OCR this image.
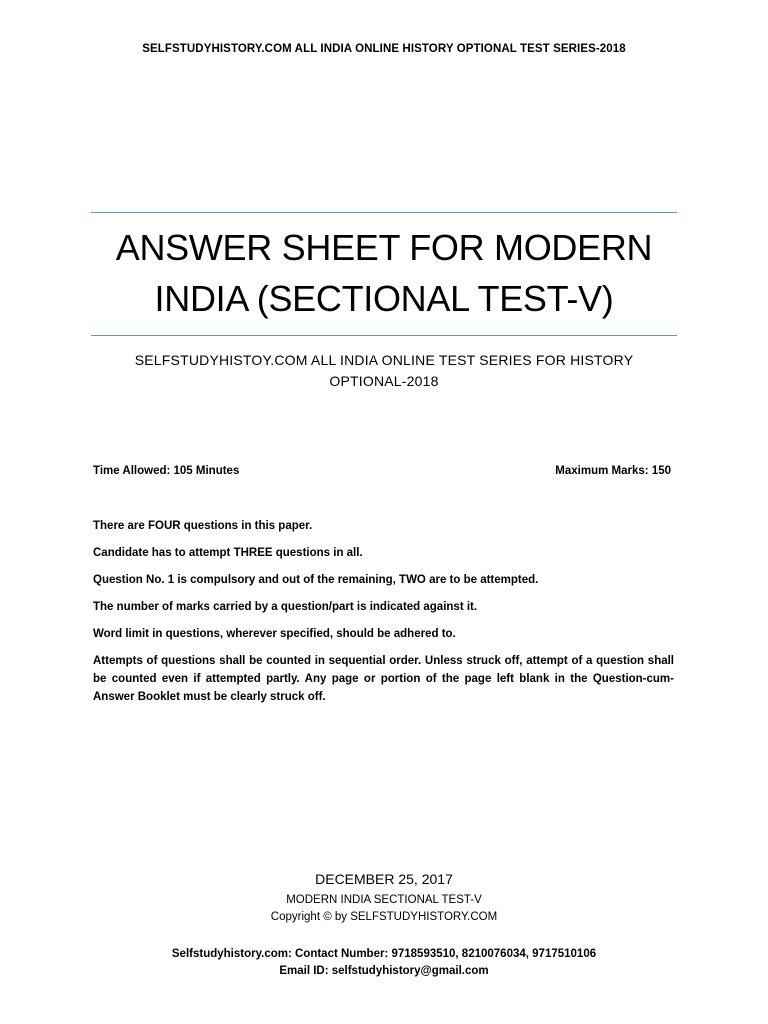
SELFSTUDYHISTORY.COM ALL INDIA ONLINE HISTORY OPTIONAL TEST SERIES-2018
ANSWER SHEET FOR MODERN
INDIA (SECTIONAL TEST-V)
SELFSTUDYHISTOY.COM ALL INDIA ONLINE TEST SERIES FOR HISTORY
OPTIONAL-2018
Time Allowed: 105 Minutes	Maximum Marks: 150

There are FOUR questions in this paper.

Candidate has to attempt THREE questions in all.

Question No. 1 is compulsory and out of the remaining, TWO are to be attempted.

The number of marks carried by a question/part is indicated against it.

Word limit in questions, wherever specified, should be adhered to.

Attempts of questions shall be counted in sequential order. Unless struck off, attempt of a question shall be counted even if attempted partly. Any page or portion of the page left blank in the Question-cum-Answer Booklet must be clearly struck off.

DECEMBER 25, 2017
MODERN INDIA SECTIONAL TEST-V
Copyright © by SELFSTUDYHISTORY.COM
Selfstudyhistory.com: Contact Number: 9718593510, 8210076034, 9717510106
Email ID: selfstudyhistory@gmail.com
